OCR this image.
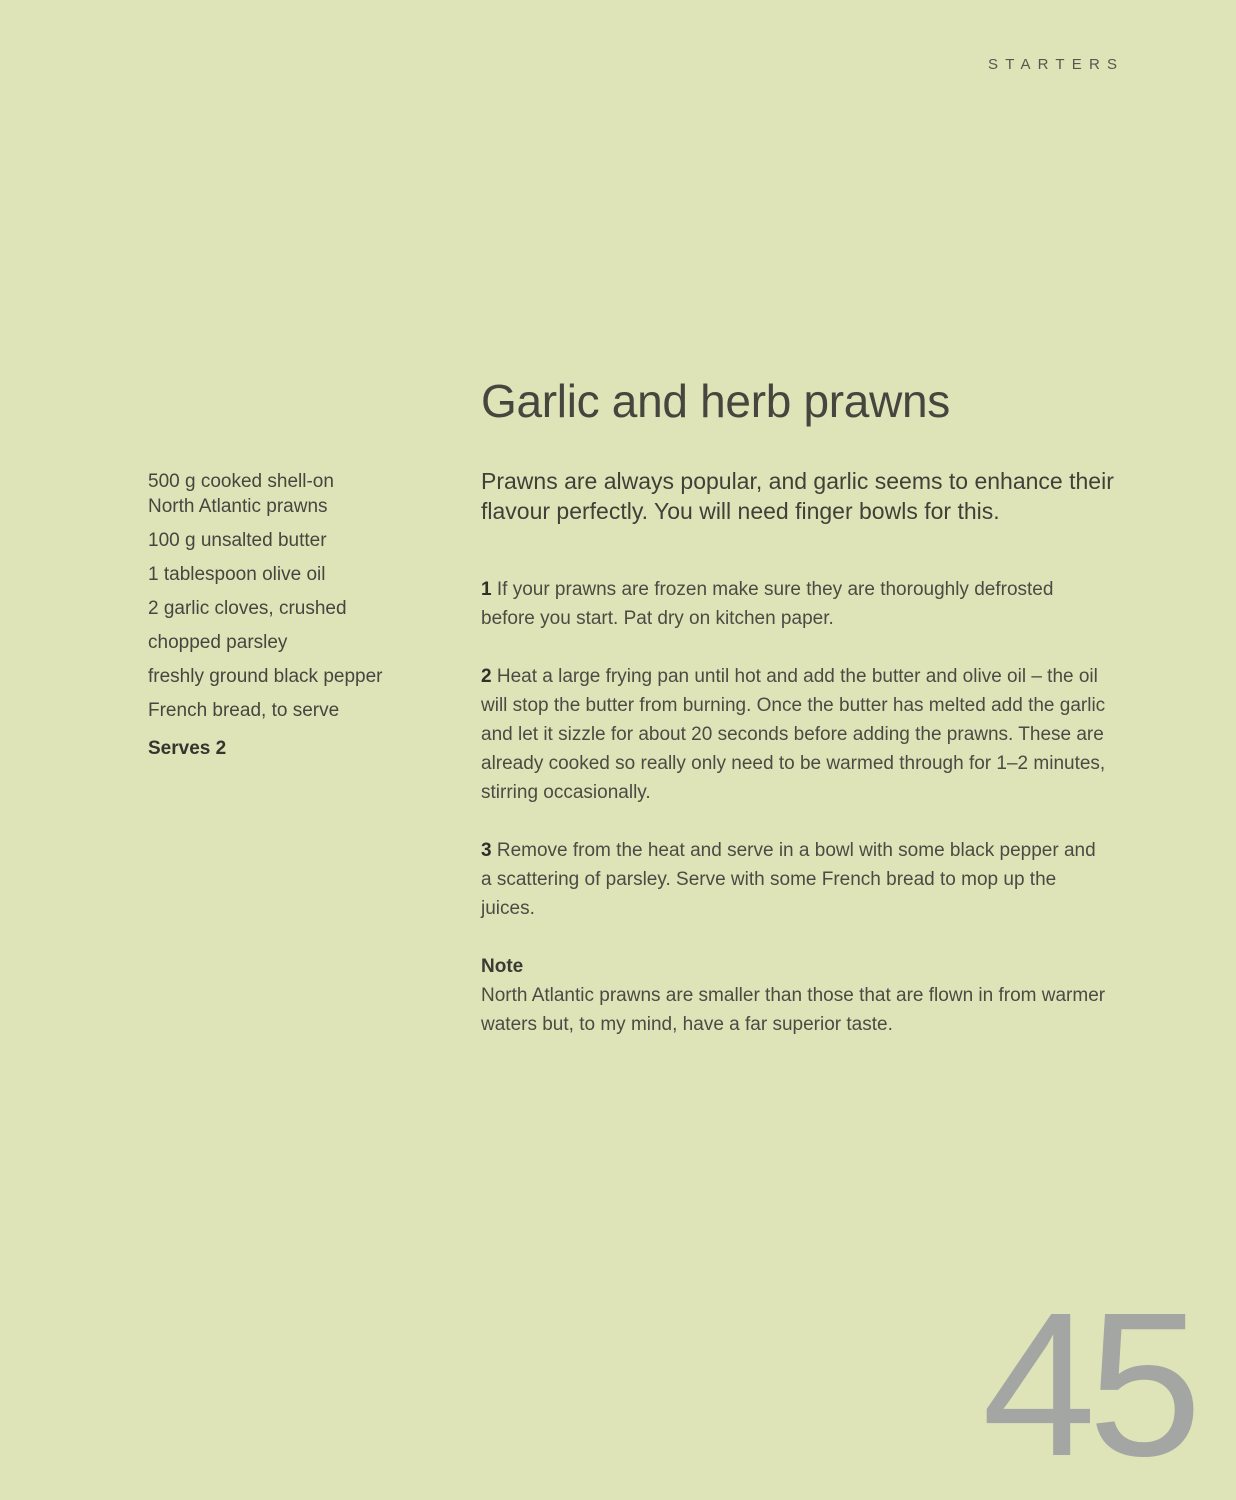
STARTERS
Garlic and herb prawns

Prawns are always popular, and garlic seems to enhance their flavour perfectly. You will need finger bowls for this.

500 g cooked shell-on North Atlantic prawns
100 g unsalted butter
1 tablespoon olive oil
2 garlic cloves, crushed
chopped parsley
freshly ground black pepper
French bread, to serve
Serves 2

1 If your prawns are frozen make sure they are thoroughly defrosted before you start. Pat dry on kitchen paper.

2 Heat a large frying pan until hot and add the butter and olive oil – the oil will stop the butter from burning. Once the butter has melted add the garlic and let it sizzle for about 20 seconds before adding the prawns. These are already cooked so really only need to be warmed through for 1–2 minutes, stirring occasionally.

3 Remove from the heat and serve in a bowl with some black pepper and a scattering of parsley. Serve with some French bread to mop up the juices.

Note

North Atlantic prawns are smaller than those that are flown in from warmer waters but, to my mind, have a far superior taste.

45
